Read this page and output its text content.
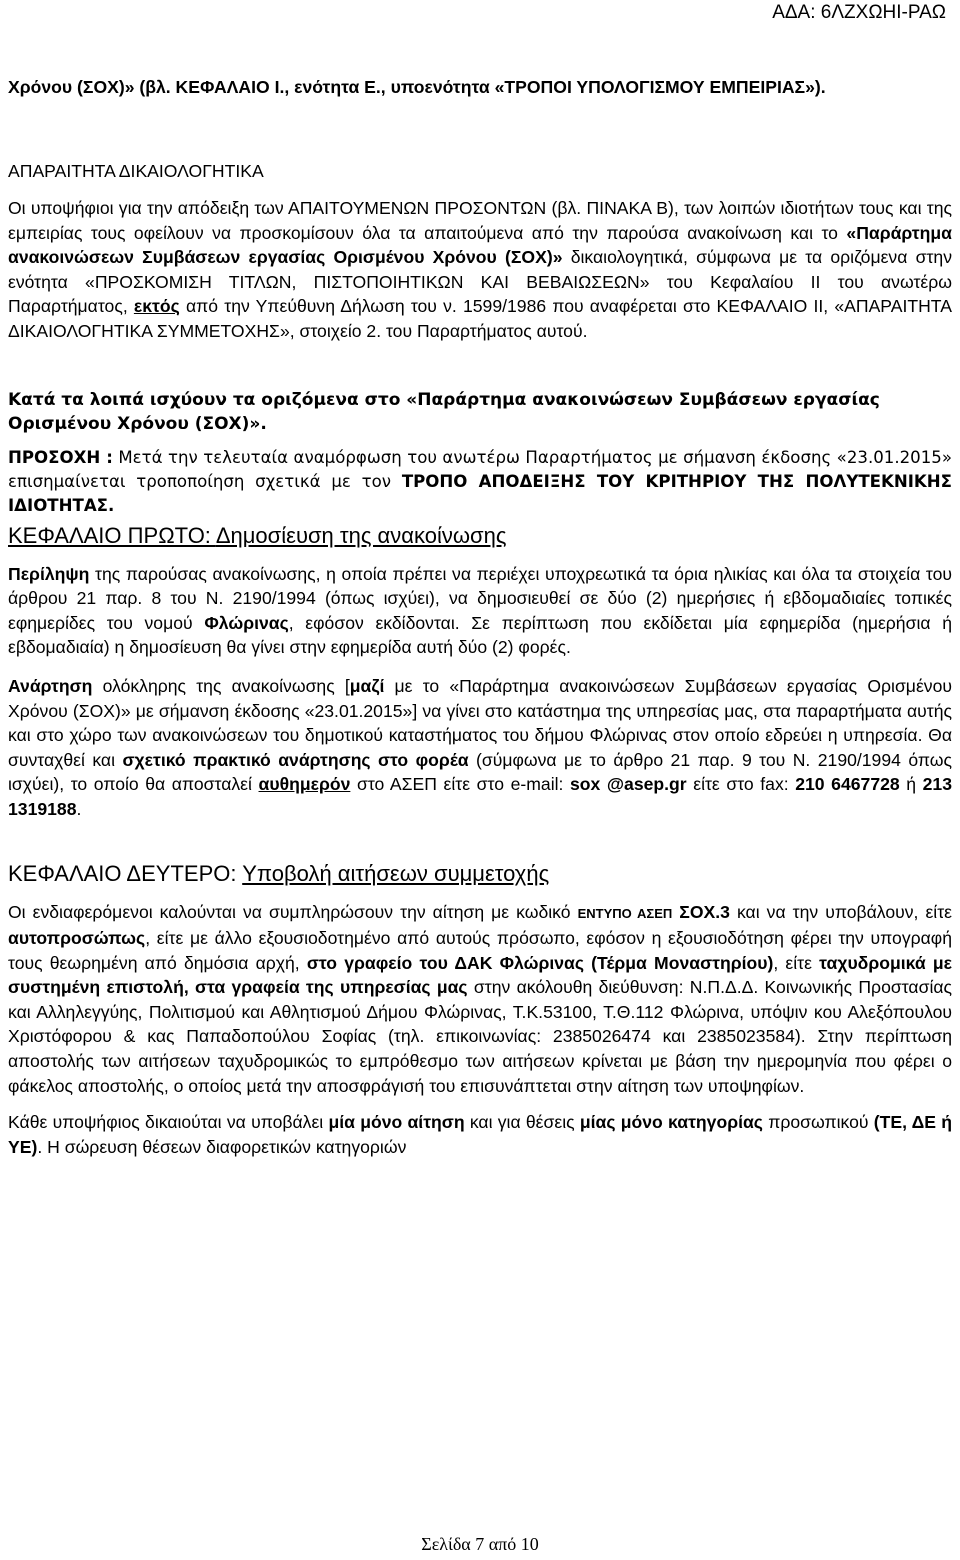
ΑΔΑ: 6ΛΖΧΩΗΙ-ΡΑΩ

Χρόνου (ΣΟΧ)» (βλ. ΚΕΦΑΛΑΙΟ Ι., ενότητα Ε., υποενότητα «ΤΡΟΠΟΙ ΥΠΟΛΟΓΙΣΜΟΥ ΕΜΠΕΙΡΙΑΣ»).

ΑΠΑΡΑΙΤΗΤΑ ΔΙΚΑΙΟΛΟΓΗΤΙΚΑ

Οι υποψήφιοι για την απόδειξη των ΑΠΑΙΤΟΥΜΕΝΩΝ ΠΡΟΣΟΝΤΩΝ (βλ. ΠΙΝΑΚΑ Β), των λοιπών ιδιοτήτων τους και της εμπειρίας τους οφείλουν να προσκομίσουν όλα τα απαιτούμενα από την παρούσα ανακοίνωση και το «Παράρτημα ανακοινώσεων Συμβάσεων εργασίας Ορισμένου Χρόνου (ΣΟΧ)» δικαιολογητικά, σύμφωνα με τα οριζόμενα στην ενότητα «ΠΡΟΣΚΟΜΙΣΗ ΤΙΤΛΩΝ, ΠΙΣΤΟΠΟΙΗΤΙΚΩΝ ΚΑΙ ΒΕΒΑΙΩΣΕΩΝ» του Κεφαλαίου ΙΙ του ανωτέρω Παραρτήματος, εκτός από την Υπεύθυνη Δήλωση του ν. 1599/1986 που αναφέρεται στο ΚΕΦΑΛΑΙΟ ΙΙ, «ΑΠΑΡΑΙΤΗΤΑ ΔΙΚΑΙΟΛΟΓΗΤΙΚΑ ΣΥΜΜΕΤΟΧΗΣ», στοιχείο 2. του Παραρτήματος αυτού.

Κατά τα λοιπά ισχύουν τα οριζόμενα στο «Παράρτημα ανακοινώσεων Συμβάσεων εργασίας Ορισμένου Χρόνου (ΣΟΧ)».

ΠΡΟΣΟΧΗ : Μετά την τελευταία αναμόρφωση του ανωτέρω Παραρτήματος με σήμανση έκδοσης «23.01.2015» επισημαίνεται τροποποίηση σχετικά με τον ΤΡΟΠΟ ΑΠΟΔΕΙΞΗΣ ΤΟΥ ΚΡΙΤΗΡΙΟΥ ΤΗΣ ΠΟΛΥΤΕΚΝΙΚΗΣ ΙΔΙΟΤΗΤΑΣ.

ΚΕΦΑΛΑΙΟ ΠΡΩΤΟ: Δημοσίευση της ανακοίνωσης

Περίληψη της παρούσας ανακοίνωσης, η οποία πρέπει να περιέχει υποχρεωτικά τα όρια ηλικίας και όλα τα στοιχεία του άρθρου 21 παρ. 8 του Ν. 2190/1994 (όπως ισχύει), να δημοσιευθεί σε δύο (2) ημερήσιες ή εβδομαδιαίες τοπικές εφημερίδες του νομού Φλώρινας, εφόσον εκδίδονται. Σε περίπτωση που εκδίδεται μία εφημερίδα (ημερήσια ή εβδομαδιαία) η δημοσίευση θα γίνει στην εφημερίδα αυτή δύο (2) φορές.

Ανάρτηση ολόκληρης της ανακοίνωσης [μαζί με το «Παράρτημα ανακοινώσεων Συμβάσεων εργασίας Ορισμένου Χρόνου (ΣΟΧ)» με σήμανση έκδοσης «23.01.2015»] να γίνει στο κατάστημα της υπηρεσίας μας, στα παραρτήματα αυτής και στο χώρο των ανακοινώσεων του δημοτικού καταστήματος του δήμου Φλώρινας στον οποίο εδρεύει η υπηρεσία. Θα συνταχθεί και σχετικό πρακτικό ανάρτησης στο φορέα (σύμφωνα με το άρθρο 21 παρ. 9 του Ν. 2190/1994 όπως ισχύει), το οποίο θα αποσταλεί αυθημερόν στο ΑΣΕΠ είτε στο e-mail: sox @asep.gr είτε στο fax: 210 6467728 ή 213 1319188.

ΚΕΦΑΛΑΙΟ ΔΕΥΤΕΡΟ: Υποβολή αιτήσεων συμμετοχής

Οι ενδιαφερόμενοι καλούνται να συμπληρώσουν την αίτηση με κωδικό ΕΝΤΥΠΟ ΑΣΕΠ ΣΟΧ.3 και να την υποβάλουν, είτε αυτοπροσώπως, είτε με άλλο εξουσιοδοτημένο από αυτούς πρόσωπο, εφόσον η εξουσιοδότηση φέρει την υπογραφή τους θεωρημένη από δημόσια αρχή, στο γραφείο του ΔΑΚ Φλώρινας (Τέρμα Μοναστηρίου), είτε ταχυδρομικά με συστημένη επιστολή, στα γραφεία της υπηρεσίας μας στην ακόλουθη διεύθυνση: Ν.Π.Δ.Δ. Κοινωνικής Προστασίας και Αλληλεγγύης, Πολιτισμού και Αθλητισμού Δήμου Φλώρινας, Τ.Κ.53100, Τ.Θ.112 Φλώρινα, υπόψιν κου Αλεξόπουλου Χριστόφορου & κας Παπαδοπούλου Σοφίας (τηλ. επικοινωνίας: 2385026474 και 2385023584). Στην περίπτωση αποστολής των αιτήσεων ταχυδρομικώς το εμπρόθεσμο των αιτήσεων κρίνεται με βάση την ημερομηνία που φέρει ο φάκελος αποστολής, ο οποίος μετά την αποσφράγισή του επισυνάπτεται στην αίτηση των υποψηφίων.

Κάθε υποψήφιος δικαιούται να υποβάλει μία μόνο αίτηση και για θέσεις μίας μόνο κατηγορίας προσωπικού (ΤΕ, ΔΕ ή ΥΕ). Η σώρευση θέσεων διαφορετικών κατηγοριών

Σελίδα 7 από 10
